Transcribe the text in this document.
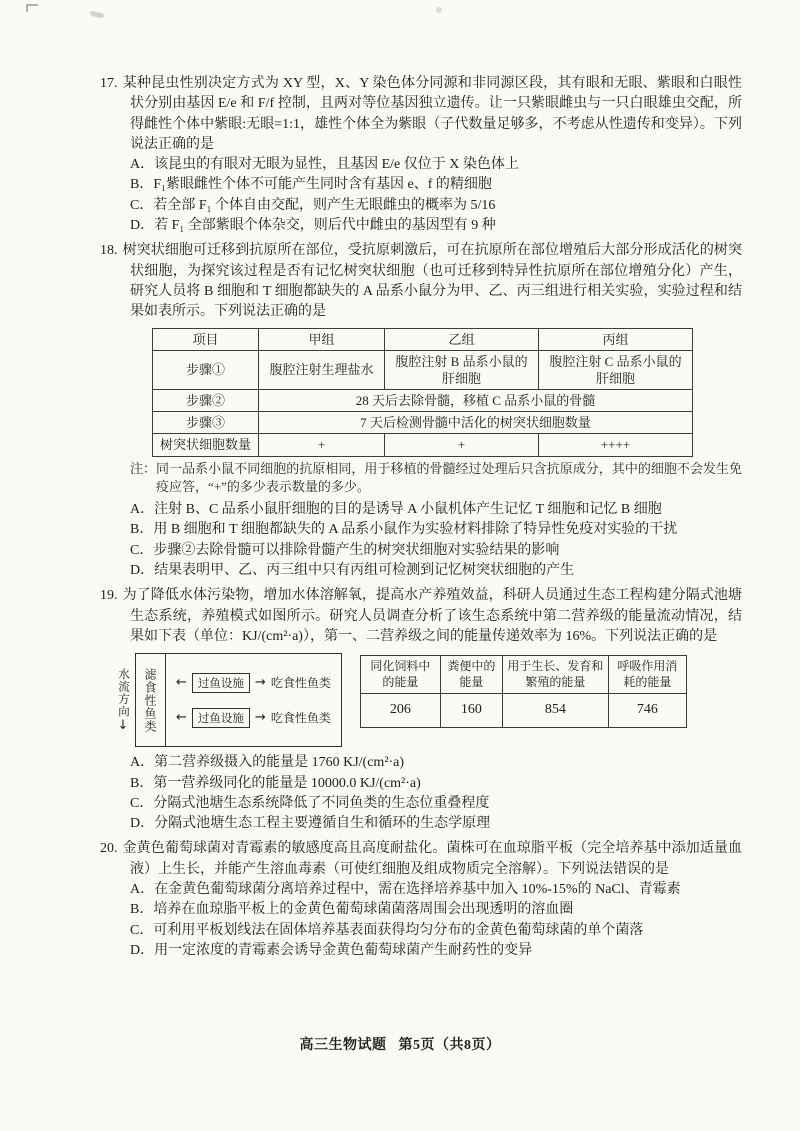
17. 某种昆虫性别决定方式为 XY 型，X、Y 染色体分同源和非同源区段，其有眼和无眼、紫眼和白眼性状分别由基因 E/e 和 F/f 控制，且两对等位基因独立遗传。让一只紫眼雌虫与一只白眼雄虫交配，所得雌性个体中紫眼:无眼=1:1，雄性个体全为紫眼（子代数量足够多，不考虑从性遗传和变异）。下列说法正确的是

A．该昆虫的有眼对无眼为显性，且基因 E/e 仅位于 X 染色体上

B．F₁紫眼雌性个体不可能产生同时含有基因 e、f 的精细胞

C．若全部 F₁ 个体自由交配，则产生无眼雌虫的概率为 5/16

D．若 F₁ 全部紫眼个体杂交，则后代中雌虫的基因型有 9 种

18. 树突状细胞可迁移到抗原所在部位，受抗原刺激后，可在抗原所在部位增殖后大部分形成活化的树突状细胞，为探究该过程是否有记忆树突状细胞（也可迁移到特异性抗原所在部位增殖分化）产生，研究人员将 B 细胞和 T 细胞都缺失的 A 品系小鼠分为甲、乙、丙三组进行相关实验，实验过程和结果如表所示。下列说法正确的是

项目	甲组	乙组	丙组
步骤①	腹腔注射生理盐水	腹腔注射 B 品系小鼠的肝细胞	腹腔注射 C 品系小鼠的肝细胞
步骤②	28 天后去除骨髓，移植 C 品系小鼠的骨髓		
步骤③	7 天后检测骨髓中活化的树突状细胞数量		
树突状细胞数量	+	+	++++

注：同一品系小鼠不同细胞的抗原相同，用于移植的骨髓经过处理后只含抗原成分，其中的细胞不会发生免疫应答，“+”的多少表示数量的多少。

A．注射 B、C 品系小鼠肝细胞的目的是诱导 A 小鼠机体产生记忆 T 细胞和记忆 B 细胞

B．用 B 细胞和 T 细胞都缺失的 A 品系小鼠作为实验材料排除了特异性免疫对实验的干扰

C．步骤②去除骨髓可以排除骨髓产生的树突状细胞对实验结果的影响

D．结果表明甲、乙、丙三组中只有丙组可检测到记忆树突状细胞的产生

19. 为了降低水体污染物，增加水体溶解氧，提高水产养殖效益，科研人员通过生态工程构建分隔式池塘生态系统，养殖模式如图所示。研究人员调查分析了该生态系统中第二营养级的能量流动情况，结果如下表（单位：KJ/(cm²·a)），第一、二营养级之间的能量传递效率为 16%。下列说法正确的是

水流方向
↓	滤食性鱼类	← 过鱼设施 → 吃食性鱼类
← 过鱼设施 → 吃食性鱼类
同化饲料中的能量	粪便中的能量	用于生长、发育和繁殖的能量	呼吸作用消耗的能量
206	160	854	746

A．第二营养级摄入的能量是 1760 KJ/(cm²·a)

B．第一营养级同化的能量是 10000.0 KJ/(cm²·a)

C．分隔式池塘生态系统降低了不同鱼类的生态位重叠程度

D．分隔式池塘生态工程主要遵循自生和循环的生态学原理

20. 金黄色葡萄球菌对青霉素的敏感度高且高度耐盐化。菌株可在血琼脂平板（完全培养基中添加适量血液）上生长，并能产生溶血毒素（可使红细胞及组成物质完全溶解）。下列说法错误的是

A．在金黄色葡萄球菌分离培养过程中，需在选择培养基中加入 10%-15%的 NaCl、青霉素

B．培养在血琼脂平板上的金黄色葡萄球菌菌落周围会出现透明的溶血圈

C．可利用平板划线法在固体培养基表面获得均匀分布的金黄色葡萄球菌的单个菌落

D．用一定浓度的青霉素会诱导金黄色葡萄球菌产生耐药性的变异

高三生物试题 第5页（共8页）
